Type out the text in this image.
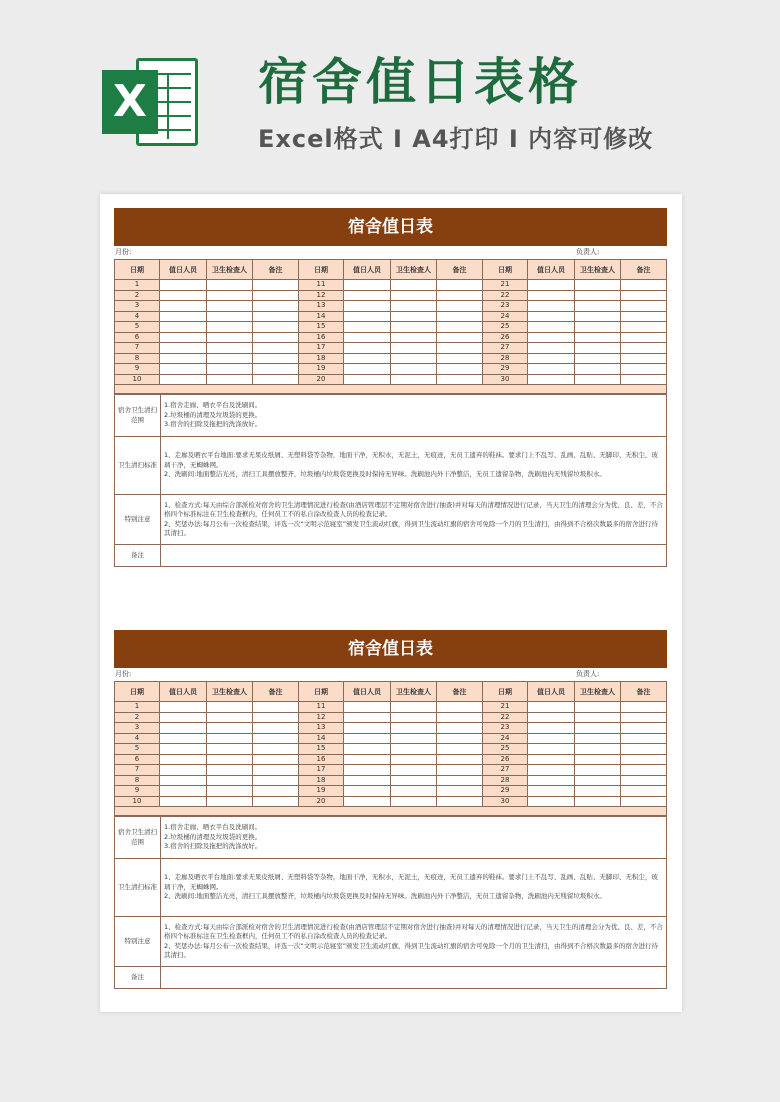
X 宿舍值日表格
Excel格式 I A4打印 I 内容可修改
宿舍值日表
月份:	负责人:
日期	值日人员	卫生检查人	备注	日期	值日人员	卫生检查人	备注	日期	值日人员	卫生检查人	备注
1				11				21			
2				12				22			
3				13				23			
4				14				24			
5				15				25			
6				16				26			
7				17				27			
8				18				28			
9				19				29			
10				20				30			

宿舍卫生清扫范围	1.宿舍走廊、晒衣平台及洗刷间。
2.垃圾桶的清理及垃圾袋的更换。
3.宿舍的扫除及拖把的洗涤放好。

卫生清扫标准	1、走廊及晒衣平台地面:要求无果皮纸屑、无塑料袋等杂物，地面干净，无积水，无泥土，无痕迹，无员工遗弃的鞋袜。要求门上不乱写、乱画、乱贴、无脚印、无积尘，玻璃干净，无蜘蛛网。
2、洗刷间:地面整洁光亮，清扫工具摆放整齐，垃圾桶内垃圾袋更换及时保持无异味。洗刷池内外干净整洁，无员工遗留杂物，洗刷池内无残留垃圾积水。

特别注意	1、检查方式:每天由综合部派检对宿舍的卫生清理情况进行检查(由酒店管理层不定期对宿舍进行抽查)并对每天的清理情况进行记录，当天卫生的清理会分为优、良、差，不合格四个标准标注在卫生检查框内，任何员工不的私自涂改检查人员的检查记录。
2、奖惩办法:每月公布一次检查结果，评选一次“文明示范寝室”颁发卫生流动红旗，得到卫生流动红旗的宿舍可免除一个月的卫生清扫，由得到不合格次数最多的宿舍进行待其清扫。

备注	
宿舍值日表
月份:	负责人:
日期	值日人员	卫生检查人	备注	日期	值日人员	卫生检查人	备注	日期	值日人员	卫生检查人	备注
1				11				21			
2				12				22			
3				13				23			
4				14				24			
5				15				25			
6				16				26			
7				17				27			
8				18				28			
9				19				29			
10				20				30			

宿舍卫生清扫范围	1.宿舍走廊、晒衣平台及洗刷间。
2.垃圾桶的清理及垃圾袋的更换。
3.宿舍的扫除及拖把的洗涤放好。

卫生清扫标准	1、走廊及晒衣平台地面:要求无果皮纸屑、无塑料袋等杂物，地面干净，无积水，无泥土，无痕迹，无员工遗弃的鞋袜。要求门上不乱写、乱画、乱贴、无脚印、无积尘，玻璃干净，无蜘蛛网。
2、洗刷间:地面整洁光亮，清扫工具摆放整齐，垃圾桶内垃圾袋更换及时保持无异味。洗刷池内外干净整洁，无员工遗留杂物，洗刷池内无残留垃圾积水。

特别注意	1、检查方式:每天由综合部派检对宿舍的卫生清理情况进行检查(由酒店管理层不定期对宿舍进行抽查)并对每天的清理情况进行记录，当天卫生的清理会分为优、良、差，不合格四个标准标注在卫生检查框内，任何员工不的私自涂改检查人员的检查记录。
2、奖惩办法:每月公布一次检查结果，评选一次“文明示范寝室”颁发卫生流动红旗，得到卫生流动红旗的宿舍可免除一个月的卫生清扫，由得到不合格次数最多的宿舍进行待其清扫。

备注	
